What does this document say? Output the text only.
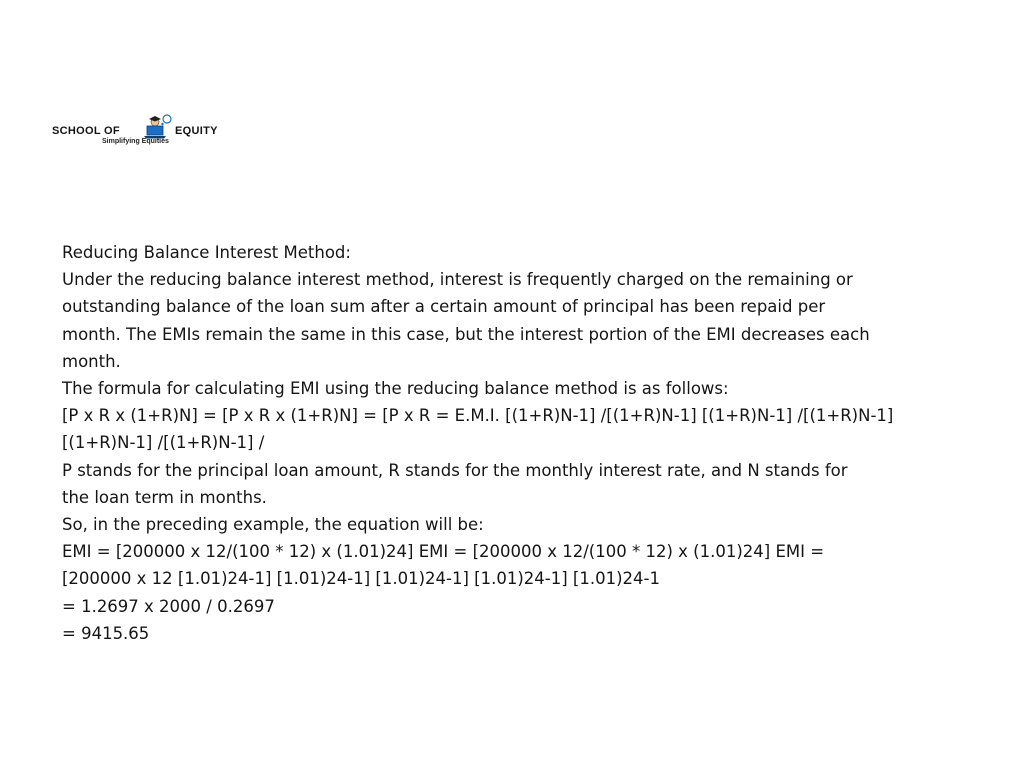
SCHOOL OF	EQUITY
Simplifying Equities

Reducing Balance Interest Method:

Under the reducing balance interest method, interest is frequently charged on the remaining or

outstanding balance of the loan sum after a certain amount of principal has been repaid per

month. The EMIs remain the same in this case, but the interest portion of the EMI decreases each

month.

The formula for calculating EMI using the reducing balance method is as follows:

[P x R x (1+R)N] = [P x R x (1+R)N] = [P x R = E.M.I. [(1+R)N-1] /[(1+R)N-1] [(1+R)N-1] /[(1+R)N-1]

[(1+R)N-1] /[(1+R)N-1] /

P stands for the principal loan amount, R stands for the monthly interest rate, and N stands for

the loan term in months.

So, in the preceding example, the equation will be:

EMI = [200000 x 12/(100 * 12) x (1.01)24] EMI = [200000 x 12/(100 * 12) x (1.01)24] EMI =

[200000 x 12 [1.01)24-1] [1.01)24-1] [1.01)24-1] [1.01)24-1] [1.01)24-1

= 1.2697 x 2000 / 0.2697

= 9415.65
